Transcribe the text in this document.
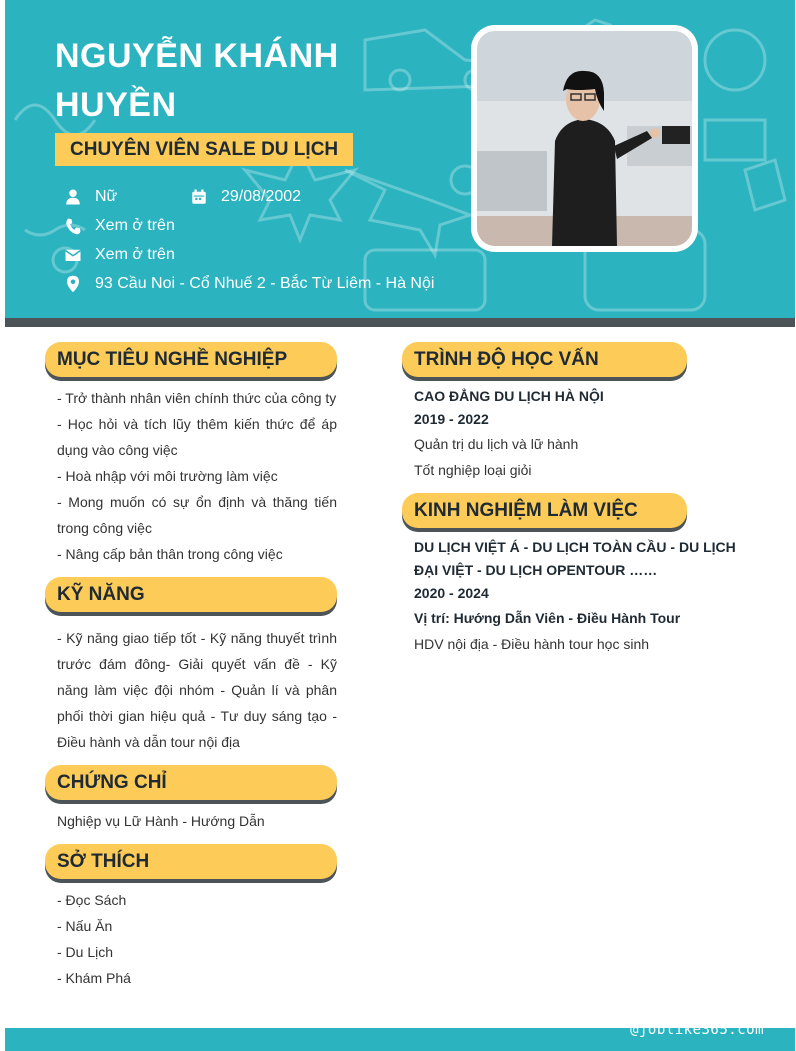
NGUYỄN KHÁNH HUYỀN
CHUYÊN VIÊN SALE DU LỊCH
Nữ	29/08/2002
Xem ở trên
Xem ở trên
93 Cầu Noi - Cổ Nhuế 2 - Bắc Từ Liêm - Hà Nội
MỤC TIÊU NGHỀ NGHIỆP
- Trở thành nhân viên chính thức của công ty
- Học hỏi và tích lũy thêm kiến thức để áp dụng vào công việc
- Hoà nhập với môi trường làm việc
- Mong muốn có sự ổn định và thăng tiến trong công việc
- Nâng cấp bản thân trong công việc
KỸ NĂNG
- Kỹ năng giao tiếp tốt - Kỹ năng thuyết trình trước đám đông- Giải quyết vấn đề - Kỹ năng làm việc đội nhóm - Quản lí và phân phối thời gian hiệu quả - Tư duy sáng tạo - Điều hành và dẫn tour nội địa
CHỨNG CHỈ
Nghiệp vụ Lữ Hành - Hướng Dẫn
SỞ THÍCH
- Đọc Sách
- Nấu Ăn
- Du Lịch
- Khám Phá
TRÌNH ĐỘ HỌC VẤN
CAO ĐẲNG DU LỊCH HÀ NỘI
2019 - 2022
Quản trị du lịch và lữ hành
Tốt nghiệp loại giỏi
KINH NGHIỆM LÀM VIỆC
DU LỊCH VIỆT Á - DU LỊCH TOÀN CẦU - DU LỊCH ĐẠI VIỆT - DU LỊCH OPENTOUR ……
2020 - 2024
Vị trí: Hướng Dẫn Viên - Điều Hành Tour
HDV nội địa - Điều hành tour học sinh
@joblike365.com
